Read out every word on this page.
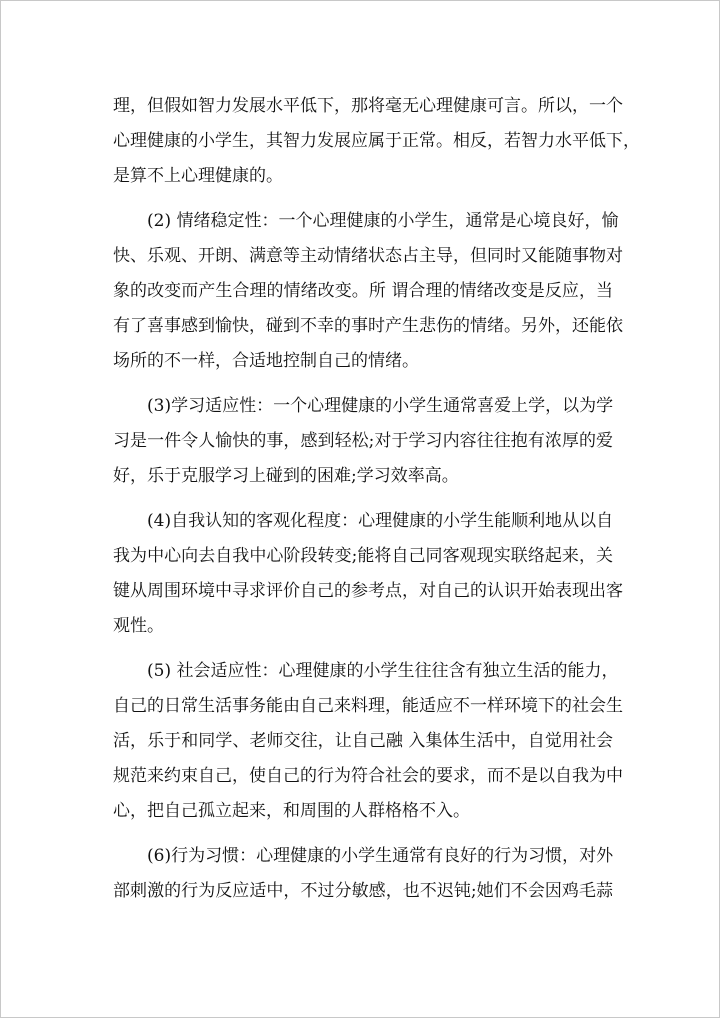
理，但假如智力发展水平低下，那将毫无心理健康可言。所以，一个
心理健康的小学生，其智力发展应属于正常。相反，若智力水平低下，
是算不上心理健康的。

　　(2) 情绪稳定性：一个心理健康的小学生，通常是心境良好，愉
快、乐观、开朗、满意等主动情绪状态占主导，但同时又能随事物对
象的改变而产生合理的情绪改变。所 谓合理的情绪改变是反应，当
有了喜事感到愉快，碰到不幸的事时产生悲伤的情绪。另外，还能依
场所的不一样，合适地控制自己的情绪。

　　(3)学习适应性：一个心理健康的小学生通常喜爱上学，以为学
习是一件令人愉快的事，感到轻松;对于学习内容往往抱有浓厚的爱
好，乐于克服学习上碰到的困难;学习效率高。

　　(4)自我认知的客观化程度：心理健康的小学生能顺利地从以自
我为中心向去自我中心阶段转变;能将自己同客观现实联络起来，关
键从周围环境中寻求评价自己的参考点，对自己的认识开始表现出客
观性。

　　(5) 社会适应性：心理健康的小学生往往含有独立生活的能力，
自己的日常生活事务能由自己来料理，能适应不一样环境下的社会生
活，乐于和同学、老师交往，让自己融 入集体生活中，自觉用社会
规范来约束自己，使自己的行为符合社会的要求，而不是以自我为中
心，把自己孤立起来，和周围的人群格格不入。

　　(6)行为习惯：心理健康的小学生通常有良好的行为习惯，对外
部刺激的行为反应适中，不过分敏感，也不迟钝;她们不会因鸡毛蒜
